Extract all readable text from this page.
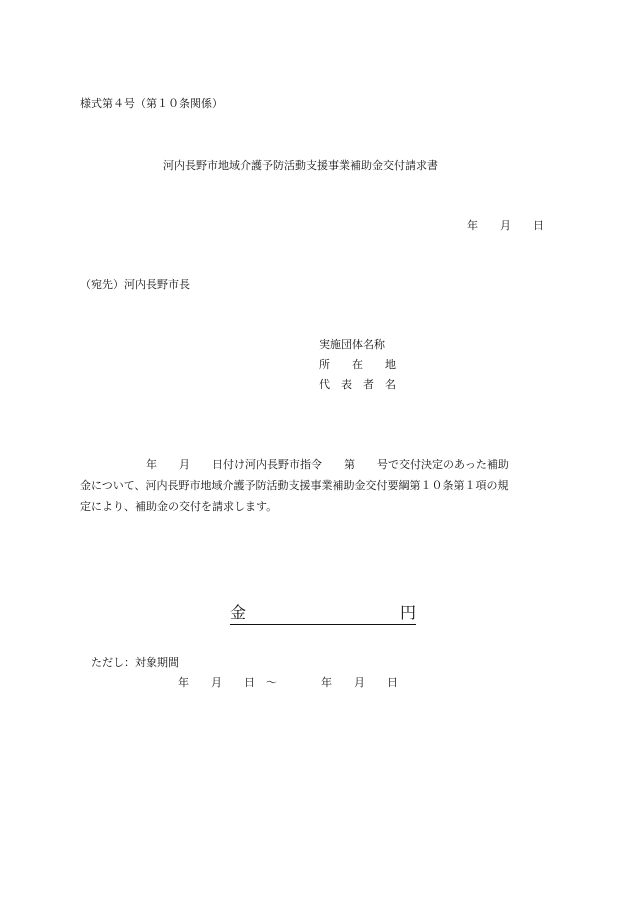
様式第４号（第１０条関係）
河内長野市地域介護予防活動支援事業補助金交付請求書
年　　月　　日
（宛先）河内長野市長
実施団体名称
所　　在　　地
代　表　者　名
　　　　　　年　　月　　日付け河内長野市指令　　第　　号で交付決定のあった補助
金について、河内長野市地域介護予防活動支援事業補助金交付要綱第１０条第１項の規
定により、補助金の交付を請求します。
金	円
ただし：対象期間
年　　月　　日　～　　　　年　　月　　日
